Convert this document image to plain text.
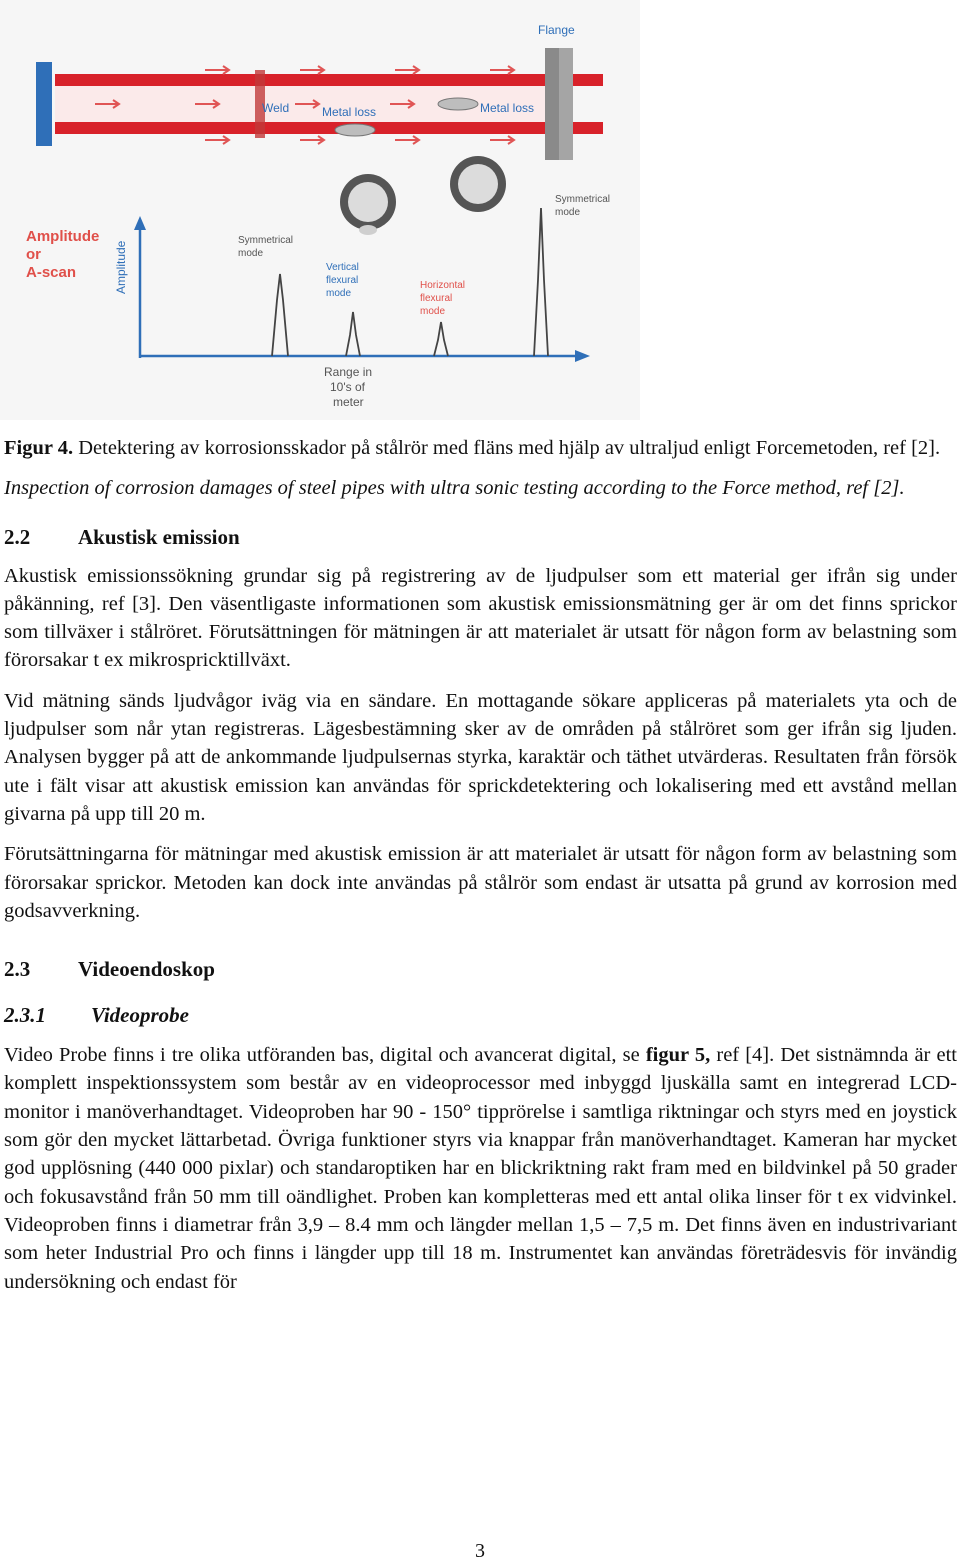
Flange
Weld	Metal loss	Metal loss
Amplitude
or
A-scan	Amplitude
Symmetrical
mode
Vertical
flexural
mode
Horizontal
flexural
mode
Symmetrical
mode
Range in
10's of
meter

Figur 4. Detektering av korrosionsskador på stålrör med fläns med hjälp av ultraljud enligt Forcemetoden, ref [2].

Inspection of corrosion damages of steel pipes with ultra sonic testing according to the Force method, ref [2].

2.2 Akustisk emission

Akustisk emissionssökning grundar sig på registrering av de ljudpulser som ett material ger ifrån sig under påkänning, ref [3]. Den väsentligaste informationen som akustisk emissionsmätning ger är om det finns sprickor som tillväxer i stålröret. Förutsättningen för mätningen är att materialet är utsatt för någon form av belastning som förorsakar t ex mikrospricktillväxt.

Vid mätning sänds ljudvågor iväg via en sändare. En mottagande sökare appliceras på materialets yta och de ljudpulser som når ytan registreras. Lägesbestämning sker av de områden på stålröret som ger ifrån sig ljuden. Analysen bygger på att de ankommande ljudpulsernas styrka, karaktär och täthet utvärderas. Resultaten från försök ute i fält visar att akustisk emission kan användas för sprickdetektering och lokalisering med ett avstånd mellan givarna på upp till 20 m.

Förutsättningarna för mätningar med akustisk emission är att materialet är utsatt för någon form av belastning som förorsakar sprickor. Metoden kan dock inte användas på stålrör som endast är utsatta på grund av korrosion med godsavverkning.

2.3 Videoendoskop
2.3.1 Videoprobe

Video Probe finns i tre olika utföranden bas, digital och avancerat digital, se figur 5, ref [4]. Det sistnämnda är ett komplett inspektionssystem som består av en videoprocessor med inbyggd ljuskälla samt en integrerad LCD-monitor i manöverhandtaget. Videoproben har 90 - 150° tipprörelse i samtliga riktningar och styrs med en joystick som gör den mycket lättarbetad. Övriga funktioner styrs via knappar från manöverhandtaget. Kameran har mycket god upplösning (440 000 pixlar) och standaroptiken har en blickriktning rakt fram med en bildvinkel på 50 grader och fokusavstånd från 50 mm till oändlighet. Proben kan kompletteras med ett antal olika linser för t ex vidvinkel. Videoproben finns i diametrar från 3,9 – 8.4 mm och längder mellan 1,5 – 7,5 m. Det finns även en industrivariant som heter Industrial Pro och finns i längder upp till 18 m. Instrumentet kan användas företrädesvis för invändig undersökning och endast för

3
